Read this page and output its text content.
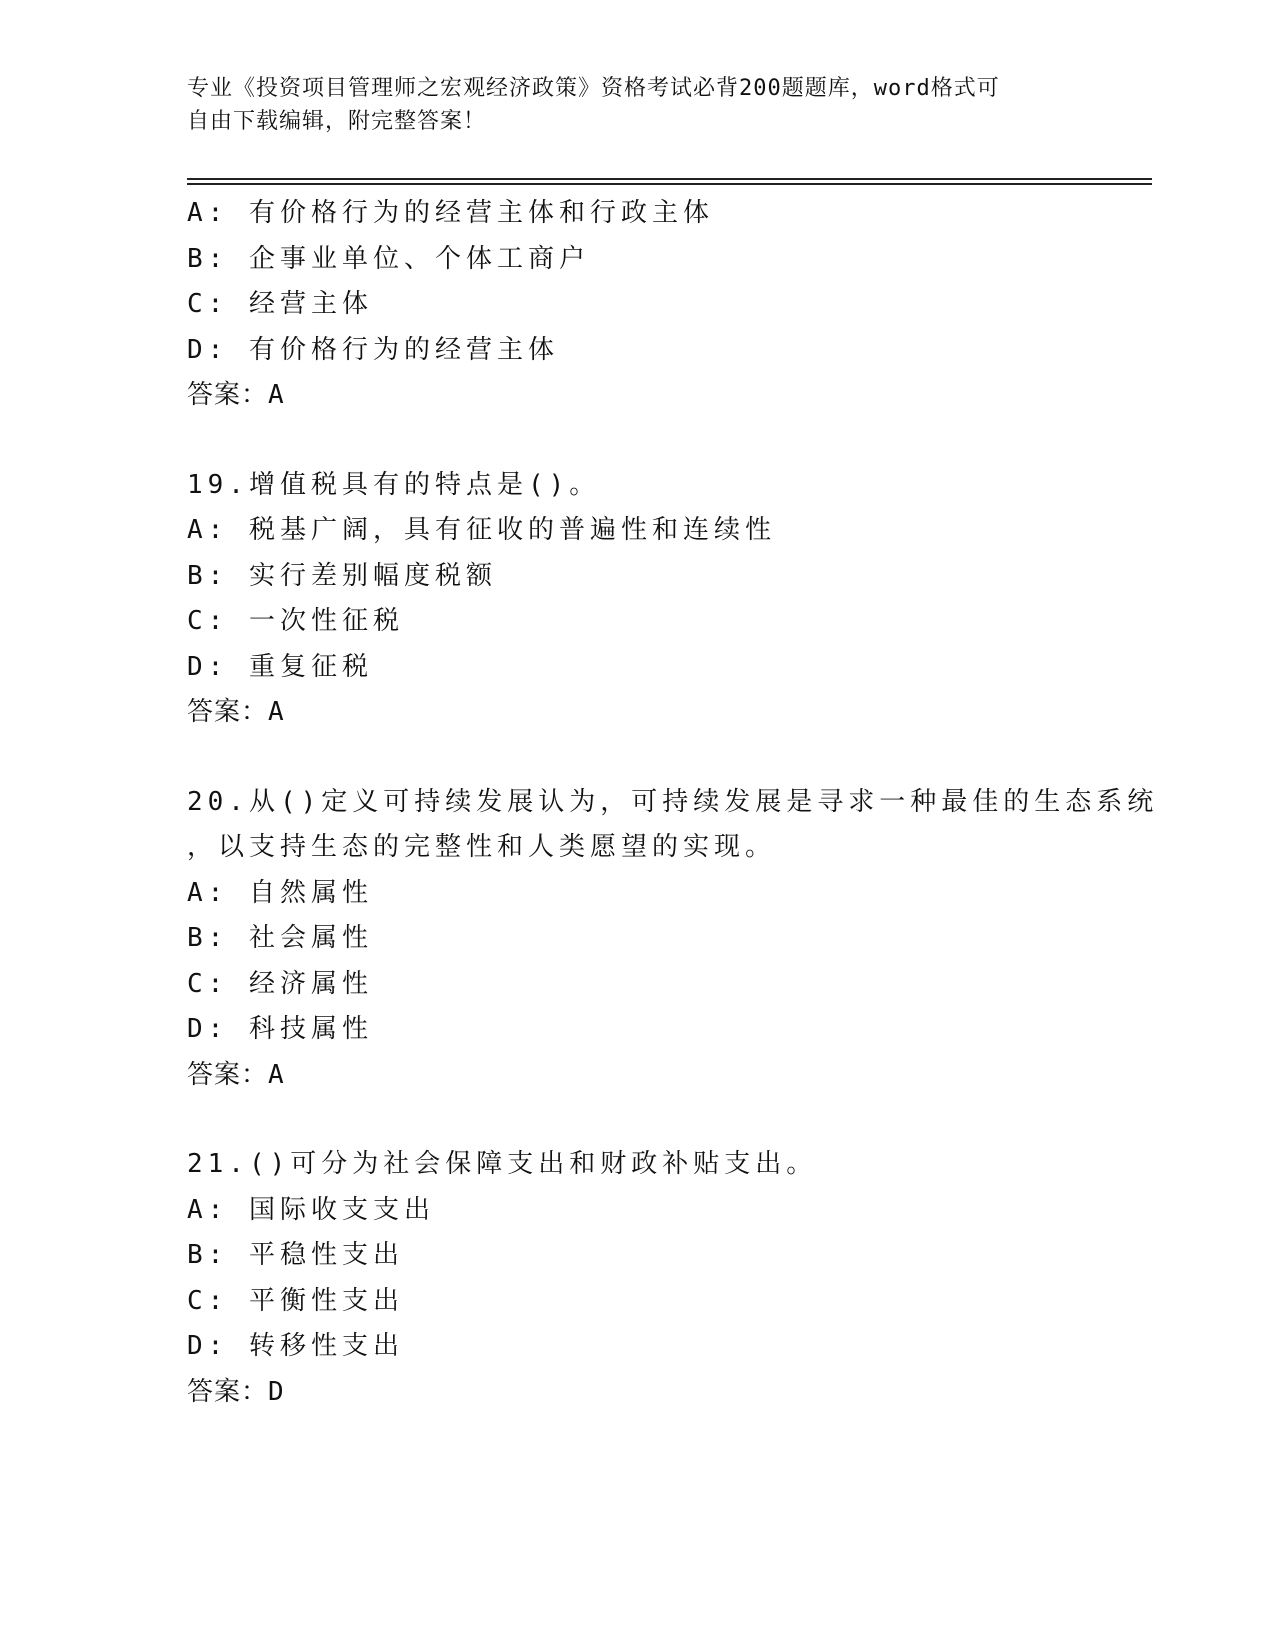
专业《投资项目管理师之宏观经济政策》资格考试必背200题题库，word格式可
自由下载编辑，附完整答案！
A: 有价格行为的经营主体和行政主体
B: 企事业单位、个体工商户
C: 经营主体
D: 有价格行为的经营主体
答案：A
19.增值税具有的特点是()。
A: 税基广阔，具有征收的普遍性和连续性
B: 实行差别幅度税额
C: 一次性征税
D: 重复征税
答案：A
20.从()定义可持续发展认为，可持续发展是寻求一种最佳的生态系统
，以支持生态的完整性和人类愿望的实现。
A: 自然属性
B: 社会属性
C: 经济属性
D: 科技属性
答案：A
21.()可分为社会保障支出和财政补贴支出。
A: 国际收支支出
B: 平稳性支出
C: 平衡性支出
D: 转移性支出
答案：D
